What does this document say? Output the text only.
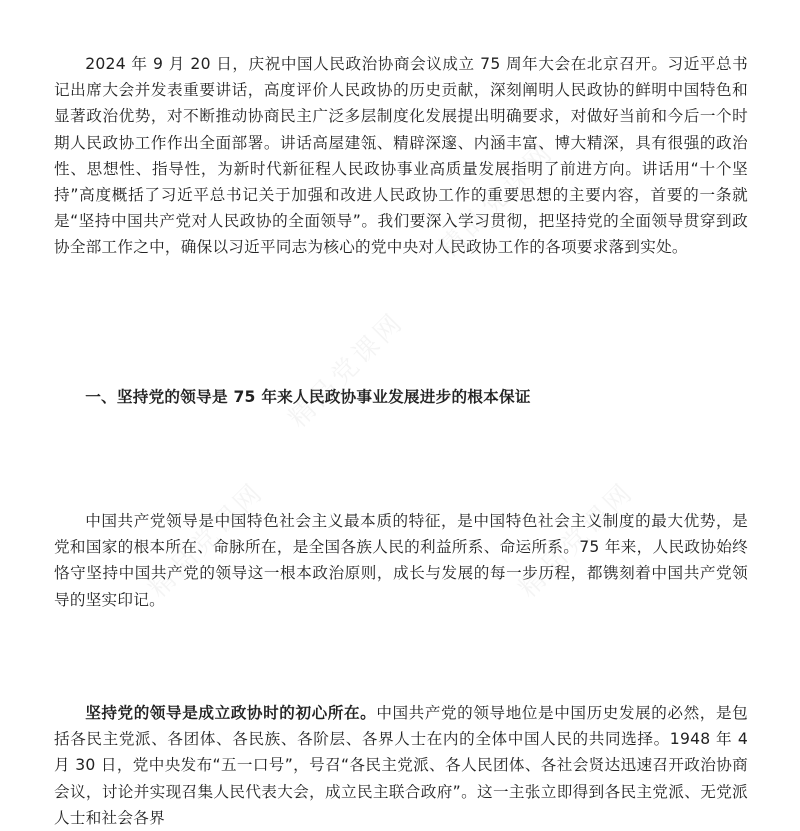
精品党课网
精品党课网
精品党课网	精品党课网

2024 年 9 月 20 日，庆祝中国人民政治协商会议成立 75 周年大会在北京召开。习近平总书记出席大会并发表重要讲话，高度评价人民政协的历史贡献，深刻阐明人民政协的鲜明中国特色和显著政治优势，对不断推动协商民主广泛多层制度化发展提出明确要求，对做好当前和今后一个时期人民政协工作作出全面部署。讲话高屋建瓴、精辟深邃、内涵丰富、博大精深，具有很强的政治性、思想性、指导性，为新时代新征程人民政协事业高质量发展指明了前进方向。讲话用“十个坚持”高度概括了习近平总书记关于加强和改进人民政协工作的重要思想的主要内容，首要的一条就是“坚持中国共产党对人民政协的全面领导”。我们要深入学习贯彻，把坚持党的全面领导贯穿到政协全部工作之中，确保以习近平同志为核心的党中央对人民政协工作的各项要求落到实处。

一、坚持党的领导是 75 年来人民政协事业发展进步的根本保证

中国共产党领导是中国特色社会主义最本质的特征，是中国特色社会主义制度的最大优势，是党和国家的根本所在、命脉所在，是全国各族人民的利益所系、命运所系。75 年来，人民政协始终恪守坚持中国共产党的领导这一根本政治原则，成长与发展的每一步历程，都镌刻着中国共产党领导的坚实印记。

坚持党的领导是成立政协时的初心所在。中国共产党的领导地位是中国历史发展的必然，是包括各民主党派、各团体、各民族、各阶层、各界人士在内的全体中国人民的共同选择。1948 年 4 月 30 日，党中央发布“五一口号”，号召“各民主党派、各人民团体、各社会贤达迅速召开政治协商会议，讨论并实现召集人民代表大会，成立民主联合政府”。这一主张立即得到各民主党派、无党派人士和社会各界
